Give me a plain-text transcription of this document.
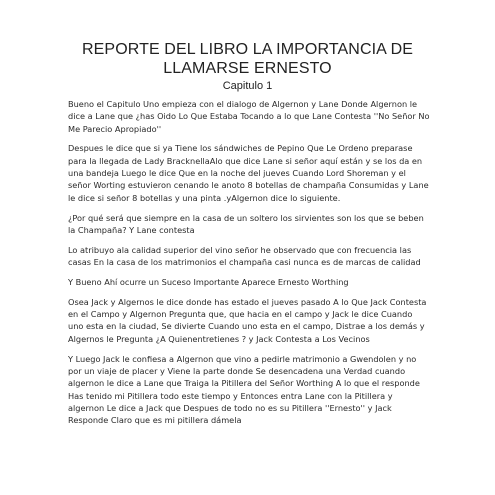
REPORTE DEL LIBRO LA IMPORTANCIA DE LLAMARSE ERNESTO
Capitulo 1

Bueno el Capitulo Uno empieza con el dialogo de Algernon y Lane Donde Algernon le dice a Lane que ¿has Oido Lo Que Estaba Tocando a lo que Lane Contesta ''No Señor No Me Parecio Apropiado''

Despues le dice que si ya Tiene los sándwiches de Pepino Que Le Ordeno preparase para la llegada de Lady BracknellaAlo que dice Lane si señor aquí están y se los da en una bandeja Luego le dice Que en la noche del jueves Cuando Lord Shoreman y el señor Worting estuvieron cenando le anoto 8 botellas de champaña Consumidas y Lane le dice si señor 8 botellas y una pinta .yAlgernon dice lo siguiente.

¿Por qué será que siempre en la casa de un soltero los sirvientes son los que se beben la Champaña? Y Lane contesta

Lo atribuyo ala calidad superior del vino señor he observado que con frecuencia las casas En la casa de los matrimonios el champaña casi nunca es de marcas de calidad

Y Bueno Ahí ocurre un Suceso Importante Aparece Ernesto Worthing

Osea Jack y Algernos le dice donde has estado el jueves pasado A lo Que Jack Contesta en el Campo y Algernon Pregunta que, que hacia en el campo y Jack le dice Cuando uno esta en la ciudad, Se divierte Cuando uno esta en el campo, Distrae a los demás y Algernos le Pregunta ¿A Quienentretienes ? y Jack Contesta a Los Vecinos

Y Luego Jack le confiesa a Algernon que vino a pedirle matrimonio a Gwendolen y no por un viaje de placer y Viene la parte donde Se desencadena una Verdad cuando algernon le dice a Lane que Traiga la Pitillera del Señor Worthing A lo que el responde Has tenido mi Pitillera todo este tiempo y Entonces entra Lane con la Pitillera y algernon Le dice a Jack que Despues de todo no es su Pitillera ''Ernesto'' y Jack Responde Claro que es mi pitillera dámela
